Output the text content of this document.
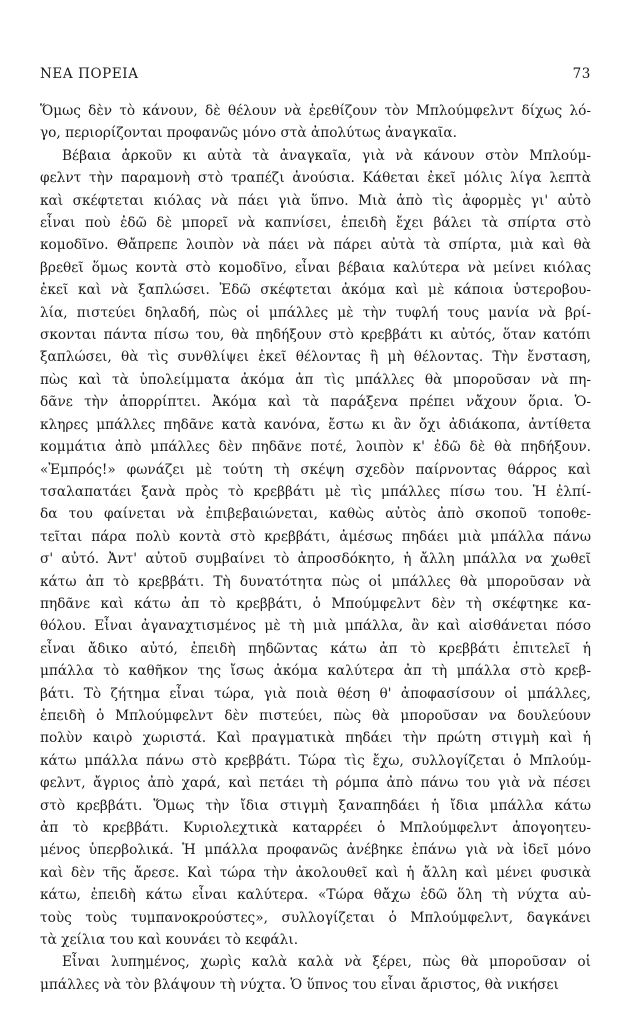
ΝΕΑ ΠΟΡΕΙΑ	73
Ὅμως δὲν τὸ κάνουν, δὲ θέλουν νὰ ἐρεθίζουν τὸν Μπλούμφελντ δίχως λό-
γο, περιορίζονται προφανῶς μόνο στὰ ἀπολύτως ἀναγκαῖα.
Βέβαια ἀρκοῦν κι αὐτὰ τὰ ἀναγκαῖα, γιὰ νὰ κάνουν στὸν Μπλούμ-
φελντ τὴν παραμονὴ στὸ τραπέζι ἀνούσια. Κάθεται ἐκεῖ μόλις λίγα λεπτὰ
καὶ σκέφτεται κιόλας νὰ πάει γιὰ ὕπνο. Μιὰ ἀπὸ τὶς ἀφορμὲς γι' αὐτὸ
εἶναι ποὺ ἐδῶ δὲ μπορεῖ νὰ καπνίσει, ἐπειδὴ ἔχει βάλει τὰ σπίρτα στὸ
κομοδῖνο. Θἄπρεπε λοιπὸν νὰ πάει νὰ πάρει αὐτὰ τὰ σπίρτα, μιὰ καὶ θὰ
βρεθεῖ ὅμως κοντὰ στὸ κομοδῖνο, εἶναι βέβαια καλύτερα νὰ μείνει κιόλας
ἐκεῖ καὶ νὰ ξαπλώσει. Ἐδῶ σκέφτεται ἀκόμα καὶ μὲ κάποια ὑστεροβου-
λία, πιστεύει δηλαδή, πὼς οἱ μπάλλες μὲ τὴν τυφλή τους μανία νὰ βρί-
σκονται πάντα πίσω του, θὰ πηδήξουν στὸ κρεββάτι κι αὐτός, ὅταν κατόπι
ξαπλώσει, θὰ τὶς συνθλίψει ἐκεῖ θέλοντας ἢ μὴ θέλοντας. Τὴν ἔνσταση,
πὼς καὶ τὰ ὑπολείμματα ἀκόμα ἀπ τὶς μπάλλες θὰ μποροῦσαν νὰ πη-
δᾶνε τὴν ἀπορρίπτει. Ἀκόμα καὶ τὰ παράξενα πρέπει νἄχουν ὅρια. Ὁ-
κληρες μπάλλες πηδᾶνε κατὰ κανόνα, ἔστω κι ἂν ὄχι ἀδιάκοπα, ἀντίθετα
κομμάτια ἀπὸ μπάλλες δὲν πηδᾶνε ποτέ, λοιπὸν κ' ἐδῶ δὲ θὰ πηδήξουν.
«Ἐμπρός!» φωνάζει μὲ τούτη τὴ σκέψη σχεδὸν παίρνοντας θάρρος καὶ
τσαλαπατάει ξανὰ πρὸς τὸ κρεββάτι μὲ τὶς μπάλλες πίσω του. Ἡ ἐλπί-
δα του φαίνεται νὰ ἐπιβεβαιώνεται, καθὼς αὐτὸς ἀπὸ σκοποῦ τοποθε-
τεῖται πάρα πολὺ κοντὰ στὸ κρεββάτι, ἀμέσως πηδάει μιὰ μπάλλα πάνω
σ' αὐτό. Ἀντ' αὐτοῦ συμβαίνει τὸ ἀπροσδόκητο, ἡ ἄλλη μπάλλα να χωθεῖ
κάτω ἀπ τὸ κρεββάτι. Τὴ δυνατότητα πὼς οἱ μπάλλες θὰ μποροῦσαν νὰ
πηδᾶνε καὶ κάτω ἀπ τὸ κρεββάτι, ὁ Μπούμφελντ δὲν τὴ σκέφτηκε κα-
θόλου. Εἶναι ἀγαναχτισμένος μὲ τὴ μιὰ μπάλλα, ἂν καὶ αἰσθάνεται πόσο
εἶναι ἄδικο αὐτό, ἐπειδὴ πηδῶντας κάτω ἀπ τὸ κρεββάτι ἐπιτελεῖ ἡ
μπάλλα τὸ καθῆκον της ἴσως ἀκόμα καλύτερα ἀπ τὴ μπάλλα στὸ κρεβ-
βάτι. Τὸ ζήτημα εἶναι τώρα, γιὰ ποιὰ θέση θ' ἀποφασίσουν οἱ μπάλλες,
ἐπειδὴ ὁ Μπλούμφελντ δὲν πιστεύει, πὼς θὰ μποροῦσαν να δουλεύουν
πολὺν καιρὸ χωριστά. Καὶ πραγματικὰ πηδάει τὴν πρώτη στιγμὴ καὶ ἡ
κάτω μπάλλα πάνω στὸ κρεββάτι. Τώρα τὶς ἔχω, συλλογίζεται ὁ Μπλούμ-
φελντ, ἄγριος ἀπὸ χαρά, καὶ πετάει τὴ ρόμπα ἀπὸ πάνω του γιὰ νὰ πέσει
στὸ κρεββάτι. Ὅμως τὴν ἴδια στιγμὴ ξαναπηδάει ἡ ἴδια μπάλλα κάτω
ἀπ τὸ κρεββάτι. Κυριολεχτικὰ καταρρέει ὁ Μπλούμφελντ ἀπογοητευ-
μένος ὑπερβολικά. Ἡ μπάλλα προφανῶς ἀνέβηκε ἐπάνω γιὰ νὰ ἰδεῖ μόνο
καὶ δὲν τῆς ἄρεσε. Καὶ τώρα τὴν ἀκολουθεῖ καὶ ἡ ἄλλη καὶ μένει φυσικὰ
κάτω, ἐπειδὴ κάτω εἶναι καλύτερα. «Τώρα θἄχω ἐδῶ ὅλη τὴ νύχτα αὐ-
τοὺς τοὺς τυμπανοκρούστες», συλλογίζεται ὁ Μπλούμφελντ, δαγκάνει
τὰ χείλια του καὶ κουνάει τὸ κεφάλι.
Εἶναι λυπημένος, χωρὶς καλὰ καλὰ νὰ ξέρει, πὼς θὰ μποροῦσαν οἱ
μπάλλες νὰ τὸν βλάψουν τὴ νύχτα. Ὁ ὕπνος του εἶναι ἄριστος, θὰ νικήσει
